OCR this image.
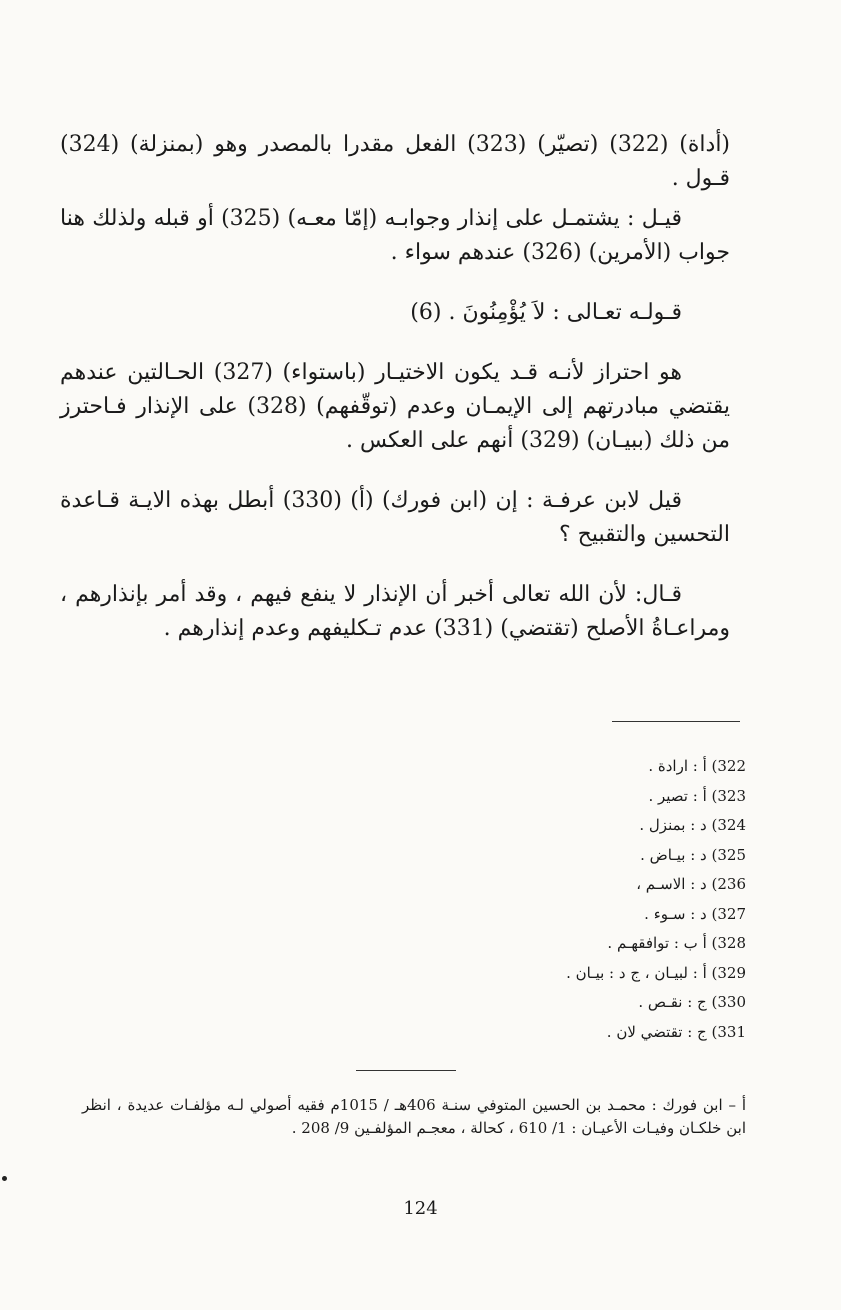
(أداة) (322) (تصيّر) (323) الفعل مقدرا بالمصدر وهو (بمنزلة) (324) قـول .

قيـل : يشتمـل على إنذار وجوابـه (إمّا معـه) (325) أو قبله ولذلك هنا جواب (الأمرين) (326) عندهم سواء .

قـولـه تعـالى : لاَ يُؤْمِنُونَ . (6)

هو احتراز لأنـه قـد يكون الاختيـار (باستواء) (327) الحـالتين عندهم يقتضي مبادرتهم إلى الإيمـان وعدم (توقّفهم) (328) على الإنذار فـاحترز من ذلك (ببيـان) (329) أنهم على العكس .

قيل لابن عرفـة : إن (ابن فورك) (أ) (330) أبطل بهذه الايـة قـاعدة التحسين والتقبيح ؟

قـال: لأن الله تعالى أخبر أن الإنذار لا ينفع فيهم ، وقد أمر بإنذارهم ، ومراعـاةُ الأصلح (تقتضي) (331) عدم تـكليفهم وعدم إنذارهم .

322) أ : ارادة .
323) أ : تصير .
324) د : بمنزل .
325) د : بيـاض .
236) د : الاسـم ،
327) د : سـوء .
328) أ ب : توافقهـم .
329) أ : لبيـان ، ج د : بيـان .
330) ج : نقـص .
331) ج : تقتضي لان .
أ – ابن فورك : محمـد بن الحسين المتوفي سنـة 406هـ / 1015م فقيه أصولي لـه مؤلفـات عديدة ، انظر ابن خلكـان وفيـات الأعيـان : 1/ 610 ، كحالة ، معجـم المؤلفـين 9/ 208 .
124
